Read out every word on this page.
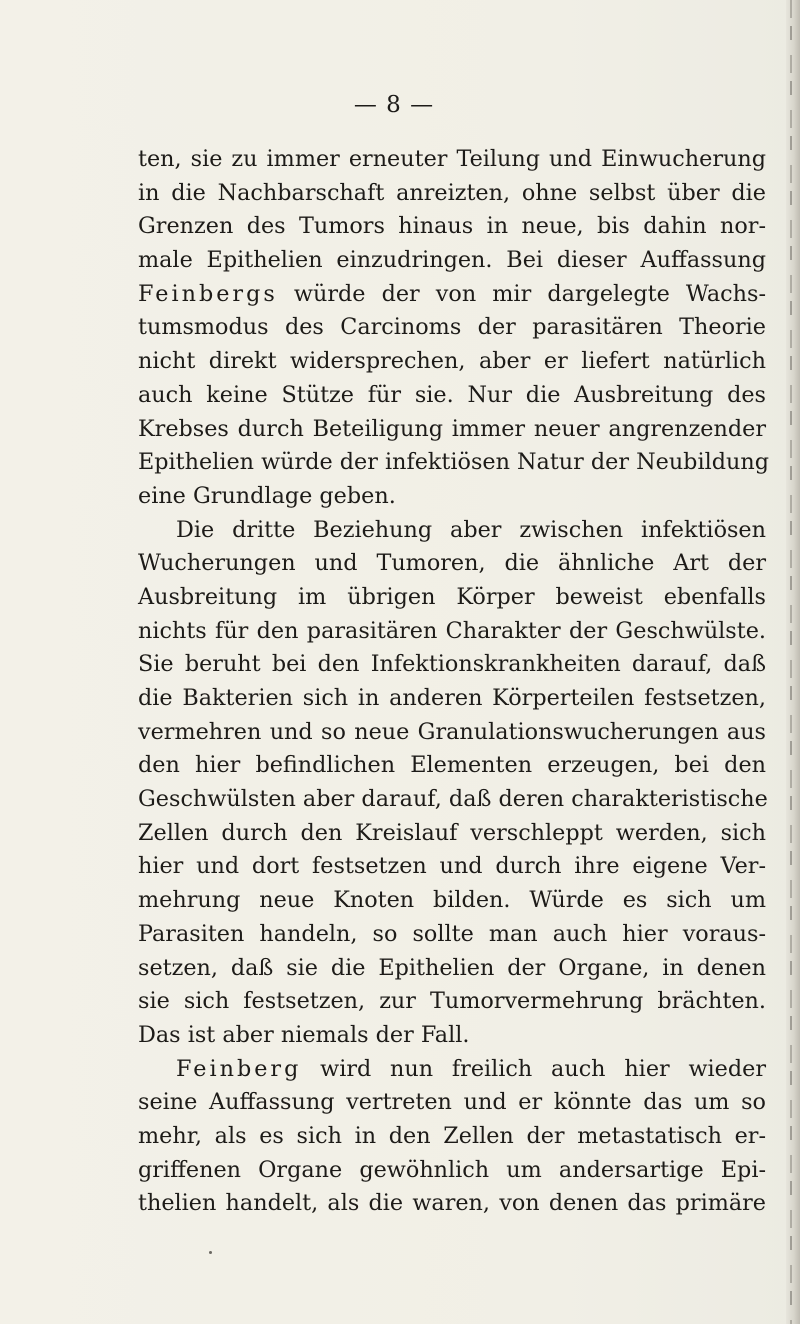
— 8 —
ten, sie zu immer erneuter Teilung und Einwucherung
in die Nachbarschaft anreizten, ohne selbst über die
Grenzen des Tumors hinaus in neue, bis dahin nor-
male Epithelien einzudringen. Bei dieser Auffassung
Feinbergs würde der von mir dargelegte Wachs-
tumsmodus des Carcinoms der parasitären Theorie
nicht direkt widersprechen, aber er liefert natürlich
auch keine Stütze für sie. Nur die Ausbreitung des
Krebses durch Beteiligung immer neuer angrenzender
Epithelien würde der infektiösen Natur der Neubildung
eine Grundlage geben.
Die dritte Beziehung aber zwischen infektiösen
Wucherungen und Tumoren, die ähnliche Art der
Ausbreitung im übrigen Körper beweist ebenfalls
nichts für den parasitären Charakter der Geschwülste.
Sie beruht bei den Infektionskrankheiten darauf, daß
die Bakterien sich in anderen Körperteilen festsetzen,
vermehren und so neue Granulationswucherungen aus
den hier befindlichen Elementen erzeugen, bei den
Geschwülsten aber darauf, daß deren charakteristische
Zellen durch den Kreislauf verschleppt werden, sich
hier und dort festsetzen und durch ihre eigene Ver-
mehrung neue Knoten bilden. Würde es sich um
Parasiten handeln, so sollte man auch hier voraus-
setzen, daß sie die Epithelien der Organe, in denen
sie sich festsetzen, zur Tumorvermehrung brächten.
Das ist aber niemals der Fall.
Feinberg wird nun freilich auch hier wieder
seine Auffassung vertreten und er könnte das um so
mehr, als es sich in den Zellen der metastatisch er-
griffenen Organe gewöhnlich um andersartige Epi-
thelien handelt, als die waren, von denen das primäre
